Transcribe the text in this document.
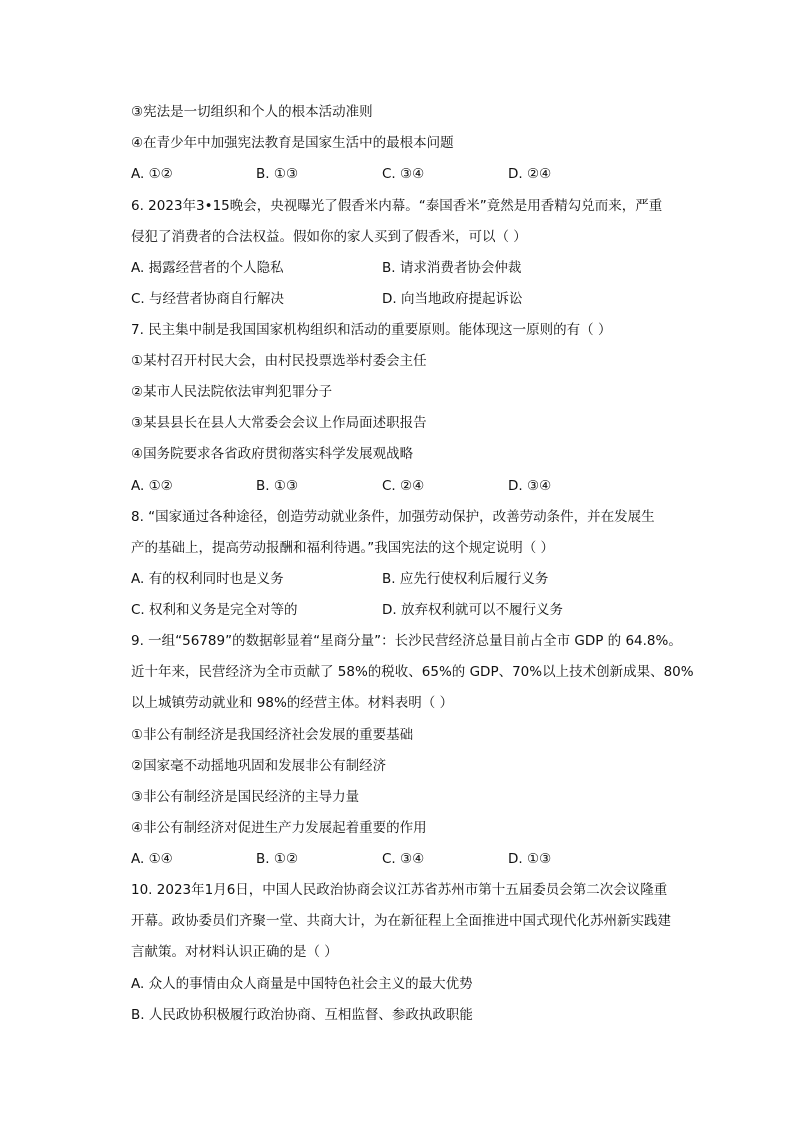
③宪法是一切组织和个人的根本活动准则
④在青少年中加强宪法教育是国家生活中的最根本问题
A. ①②	B. ①③	C. ③④	D. ②④
6. 2023年3•15晚会，央视曝光了假香米内幕。“泰国香米”竟然是用香精勾兑而来，严重
侵犯了消费者的合法权益。假如你的家人买到了假香米，可以（ ）
A. 揭露经营者的个人隐私	B. 请求消费者协会仲裁
C. 与经营者协商自行解决	D. 向当地政府提起诉讼
7. 民主集中制是我国国家机构组织和活动的重要原则。能体现这一原则的有（ ）
①某村召开村民大会，由村民投票选举村委会主任
②某市人民法院依法审判犯罪分子
③某县县长在县人大常委会会议上作局面述职报告
④国务院要求各省政府贯彻落实科学发展观战略
A. ①②	B. ①③	C. ②④	D. ③④
8. “国家通过各种途径，创造劳动就业条件，加强劳动保护，改善劳动条件，并在发展生
产的基础上，提高劳动报酬和福利待遇。”我国宪法的这个规定说明（ ）
A. 有的权利同时也是义务	B. 应先行使权利后履行义务
C. 权利和义务是完全对等的	D. 放弃权利就可以不履行义务
9. 一组“56789”的数据彰显着“星商分量”：长沙民营经济总量目前占全市 GDP 的 64.8%。
近十年来，民营经济为全市贡献了 58%的税收、65%的 GDP、70%以上技术创新成果、80%
以上城镇劳动就业和 98%的经营主体。材料表明（ ）
①非公有制经济是我国经济社会发展的重要基础
②国家毫不动摇地巩固和发展非公有制经济
③非公有制经济是国民经济的主导力量
④非公有制经济对促进生产力发展起着重要的作用
A. ①④	B. ①②	C. ③④	D. ①③
10. 2023年1月6日，中国人民政治协商会议江苏省苏州市第十五届委员会第二次会议隆重
开幕。政协委员们齐聚一堂、共商大计，为在新征程上全面推进中国式现代化苏州新实践建
言献策。对材料认识正确的是（ ）
A. 众人的事情由众人商量是中国特色社会主义的最大优势
B. 人民政协积极履行政治协商、互相监督、参政执政职能
